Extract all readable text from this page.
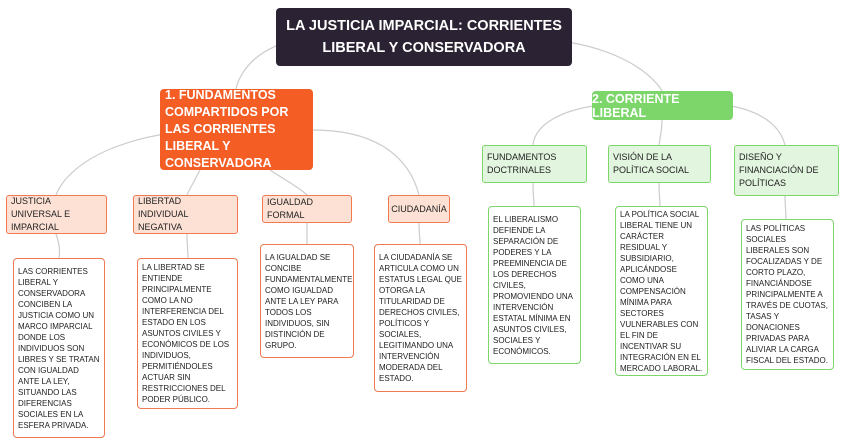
LA JUSTICIA IMPARCIAL: CORRIENTES LIBERAL Y CONSERVADORA
1. FUNDAMENTOS COMPARTIDOS POR LAS CORRIENTES LIBERAL Y CONSERVADORA
2. CORRIENTE LIBERAL
JUSTICIA UNIVERSAL E IMPARCIAL
LIBERTAD INDIVIDUAL NEGATIVA
IGUALDAD FORMAL
CIUDADANÍA
LAS CORRIENTES LIBERAL Y CONSERVADORA CONCIBEN LA JUSTICIA COMO UN MARCO IMPARCIAL DONDE LOS INDIVIDUOS SON LIBRES Y SE TRATAN CON IGUALDAD ANTE LA LEY, SITUANDO LAS DIFERENCIAS SOCIALES EN LA ESFERA PRIVADA.
LA LIBERTAD SE ENTIENDE PRINCIPALMENTE COMO LA NO INTERFERENCIA DEL ESTADO EN LOS ASUNTOS CIVILES Y ECONÓMICOS DE LOS INDIVIDUOS, PERMITIÉNDOLES ACTUAR SIN RESTRICCIONES DEL PODER PÚBLICO.
LA IGUALDAD SE CONCIBE FUNDAMENTALMENTE COMO IGUALDAD ANTE LA LEY PARA TODOS LOS INDIVIDUOS, SIN DISTINCIÓN DE GRUPO.
LA CIUDADANÍA SE ARTICULA COMO UN ESTATUS LEGAL QUE OTORGA LA TITULARIDAD DE DERECHOS CIVILES, POLÍTICOS Y SOCIALES, LEGITIMANDO UNA INTERVENCIÓN MODERADA DEL ESTADO.
FUNDAMENTOS DOCTRINALES
VISIÓN DE LA POLÍTICA SOCIAL
DISEÑO Y FINANCIACIÓN DE POLÍTICAS
EL LIBERALISMO DEFIENDE LA SEPARACIÓN DE PODERES Y LA PREEMINENCIA DE LOS DERECHOS CIVILES, PROMOVIENDO UNA INTERVENCIÓN ESTATAL MÍNIMA EN ASUNTOS CIVILES, SOCIALES Y ECONÓMICOS.
LA POLÍTICA SOCIAL LIBERAL TIENE UN CARÁCTER RESIDUAL Y SUBSIDIARIO, APLICÁNDOSE COMO UNA COMPENSACIÓN MÍNIMA PARA SECTORES VULNERABLES CON EL FIN DE INCENTIVAR SU INTEGRACIÓN EN EL MERCADO LABORAL.
LAS POLÍTICAS SOCIALES LIBERALES SON FOCALIZADAS Y DE CORTO PLAZO, FINANCIÁNDOSE PRINCIPALMENTE A TRAVÉS DE CUOTAS, TASAS Y DONACIONES PRIVADAS PARA ALIVIAR LA CARGA FISCAL DEL ESTADO.
